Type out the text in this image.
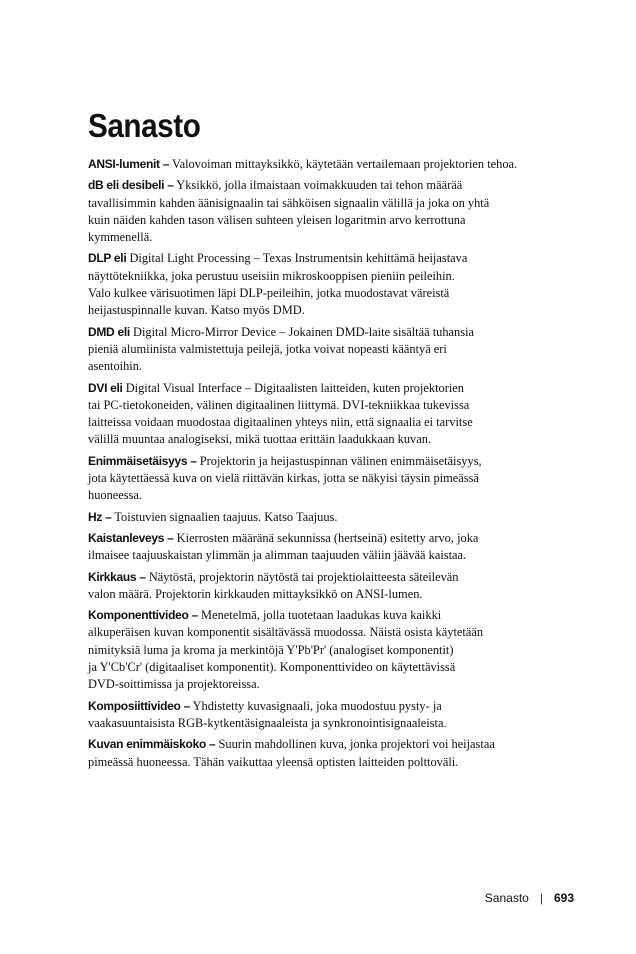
Sanasto

ANSI-lumenit – Valovoiman mittayksikkö, käytetään vertailemaan projektorien tehoa.

dB eli desibeli – Yksikkö, jolla ilmaistaan voimakkuuden tai tehon määrää
tavallisimmin kahden äänisignaalin tai sähköisen signaalin välillä ja joka on yhtä
kuin näiden kahden tason välisen suhteen yleisen logaritmin arvo kerrottuna
kymmenellä.

DLP eli Digital Light Processing – Texas Instrumentsin kehittämä heijastava
näyttötekniikka, joka perustuu useisiin mikroskooppisen pieniin peileihin.
Valo kulkee värisuotimen läpi DLP-peileihin, jotka muodostavat väreistä
heijastuspinnalle kuvan. Katso myös DMD.

DMD eli Digital Micro-Mirror Device – Jokainen DMD-laite sisältää tuhansia
pieniä alumiinista valmistettuja peilejä, jotka voivat nopeasti kääntyä eri
asentoihin.

DVI eli Digital Visual Interface – Digitaalisten laitteiden, kuten projektorien
tai PC-tietokoneiden, välinen digitaalinen liittymä. DVI-tekniikkaa tukevissa
laitteissa voidaan muodostaa digitaalinen yhteys niin, että signaalia ei tarvitse
välillä muuntaa analogiseksi, mikä tuottaa erittäin laadukkaan kuvan.

Enimmäisetäisyys – Projektorin ja heijastuspinnan välinen enimmäisetäisyys,
jota käytettäessä kuva on vielä riittävän kirkas, jotta se näkyisi täysin pimeässä
huoneessa.

Hz – Toistuvien signaalien taajuus. Katso Taajuus.

Kaistanleveys – Kierrosten määränä sekunnissa (hertseinä) esitetty arvo, joka
ilmaisee taajuuskaistan ylimmän ja alimman taajuuden väliin jäävää kaistaa.

Kirkkaus – Näytöstä, projektorin näytöstä tai projektiolaitteesta säteilevän
valon määrä. Projektorin kirkkauden mittayksikkö on ANSI-lumen.

Komponenttivideo – Menetelmä, jolla tuotetaan laadukas kuva kaikki
alkuperäisen kuvan komponentit sisältävässä muodossa. Näistä osista käytetään
nimityksiä luma ja kroma ja merkintöjä Y'Pb'Pr' (analogiset komponentit)
ja Y'Cb'Cr' (digitaaliset komponentit). Komponenttivideo on käytettävissä
DVD-soittimissa ja projektoreissa.

Komposiittivideo – Yhdistetty kuvasignaali, joka muodostuu pysty- ja
vaakasuuntaisista RGB-kytkentäsignaaleista ja synkronointisignaaleista.

Kuvan enimmäiskoko – Suurin mahdollinen kuva, jonka projektori voi heijastaa
pimeässä huoneessa. Tähän vaikuttaa yleensä optisten laitteiden polttoväli.

Sanasto | 693
